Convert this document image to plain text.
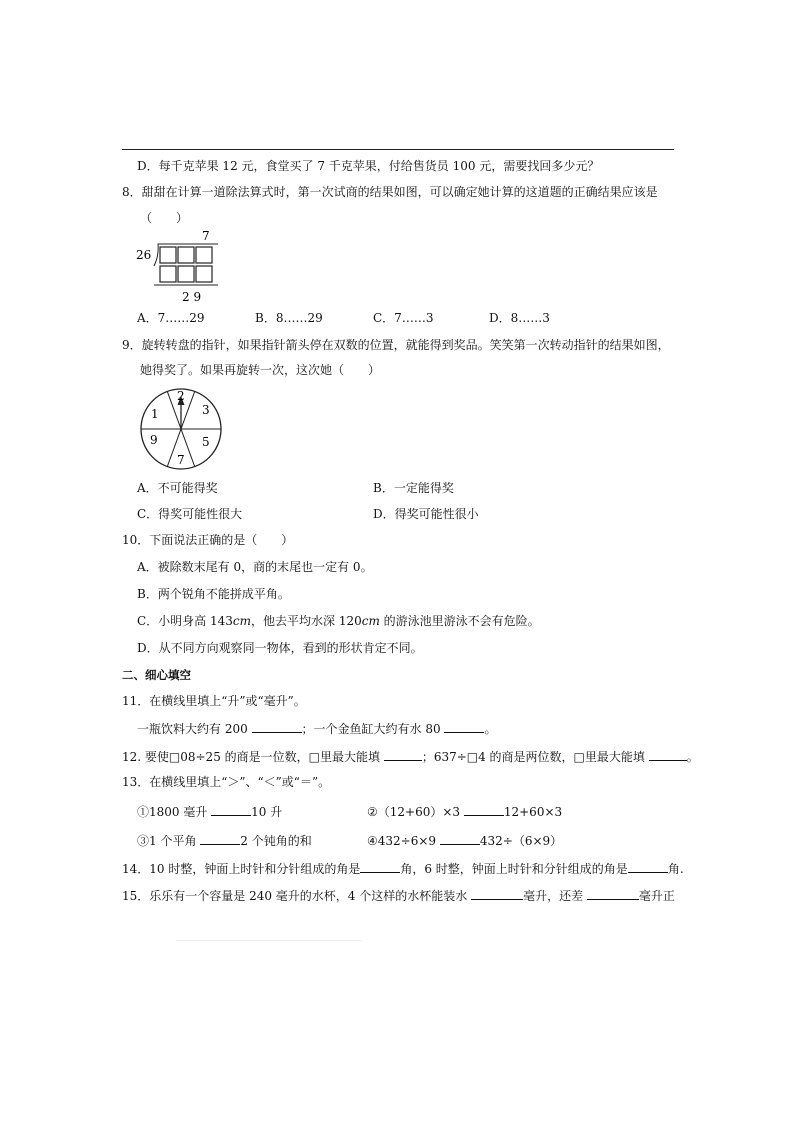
D．每千克苹果 12 元，食堂买了 7 千克苹果，付给售货员 100 元，需要找回多少元？
8．甜甜在计算一道除法算式时，第一次试商的结果如图，可以确定她计算的这道题的正确结果应该是
（　　）
7
26
2 9
A．7……29	B．8……29	C．7……3	D．8……3
9．旋转转盘的指针，如果指针箭头停在双数的位置，就能得到奖品。笑笑第一次转动指针的结果如图，
她得奖了。如果再旋转一次，这次她（　　）
2
3
5
7
9
1
A．不可能得奖	B．一定能得奖
C．得奖可能性很大	D．得奖可能性很小
10．下面说法正确的是（　　）
A．被除数末尾有 0，商的末尾也一定有 0。
B．两个锐角不能拼成平角。
C．小明身高 143cm，他去平均水深 120cm 的游泳池里游泳不会有危险。
D．从不同方向观察同一物体，看到的形状肯定不同。
二、细心填空
11．在横线里填上“升”或“毫升”。
一瓶饮料大约有 200	；一个金鱼缸大约有水 80	。
12. 要使□08÷25 的商是一位数，□里最大能填	；637÷□4 的商是两位数，□里最大能填	。
13．在横线里填上“＞”、“＜”或“＝”。
①1800 毫升	10 升	②（12+60）×3	12+60×3
③1 个平角	2 个钝角的和	④432÷6×9	432÷（6×9）
14．10 时整，钟面上时针和分针组成的角是	角，6 时整，钟面上时针和分针组成的角是	角.
15．乐乐有一个容量是 240 毫升的水杯，4 个这样的水杯能装水	毫升，还差	毫升正
